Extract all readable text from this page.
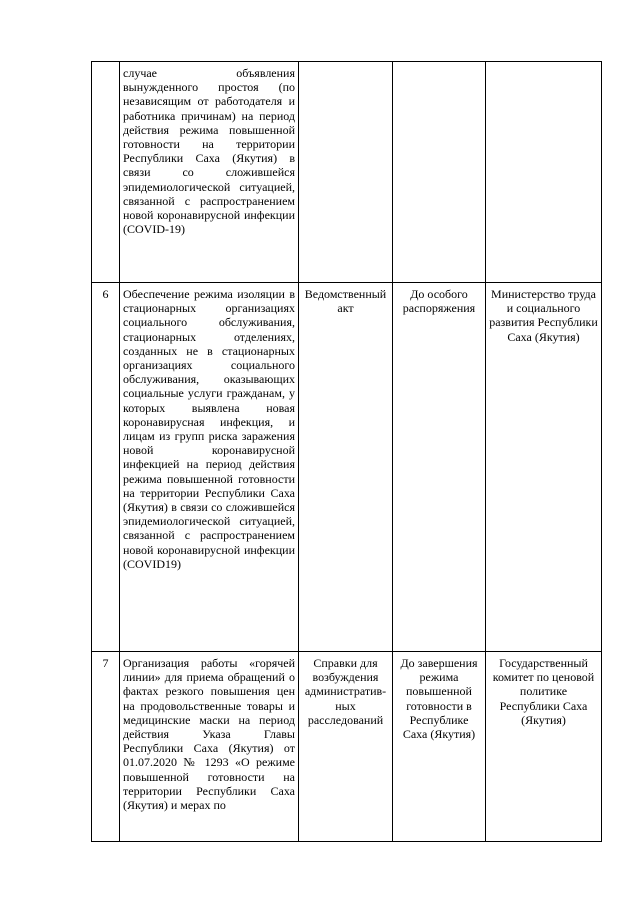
	случае объявления вынужденного простоя (по независящим от работодателя и работника причинам) на период действия режима повышенной готовности на территории Республики Саха (Якутия) в связи со сложившейся эпидемиологической ситуацией, связанной с распространением новой коронавирусной инфекции (COVID-19)			
6	Обеспечение режима изоляции в стационарных организациях социального обслуживания, стационарных отделениях, созданных не в стационарных организациях социального обслуживания, оказывающих социальные услуги гражданам, у которых выявлена новая коронавирусная инфекция, и лицам из групп риска заражения новой коронавирусной инфекцией на период действия режима повышенной готовности на территории Республики Саха (Якутия) в связи со сложившейся эпидемиологической ситуацией, связанной с распространением новой коронавирусной инфекции (COVID19)	Ведомственный акт	До особого распоряжения	Министерство труда и социального развития Республики Саха (Якутия)
7	Организация работы «горячей линии» для приема обращений о фактах резкого повышения цен на продовольственные товары и медицинские маски на период действия Указа Главы Республики Саха (Якутия) от 01.07.2020 № 1293 «О режиме повышенной готовности на территории Республики Саха (Якутия) и мерах по	Справки для возбуждения административ-ных расследований	До завершения режима повышенной готовности в Республике Саха (Якутия)	Государственный комитет по ценовой политике Республики Саха (Якутия)
